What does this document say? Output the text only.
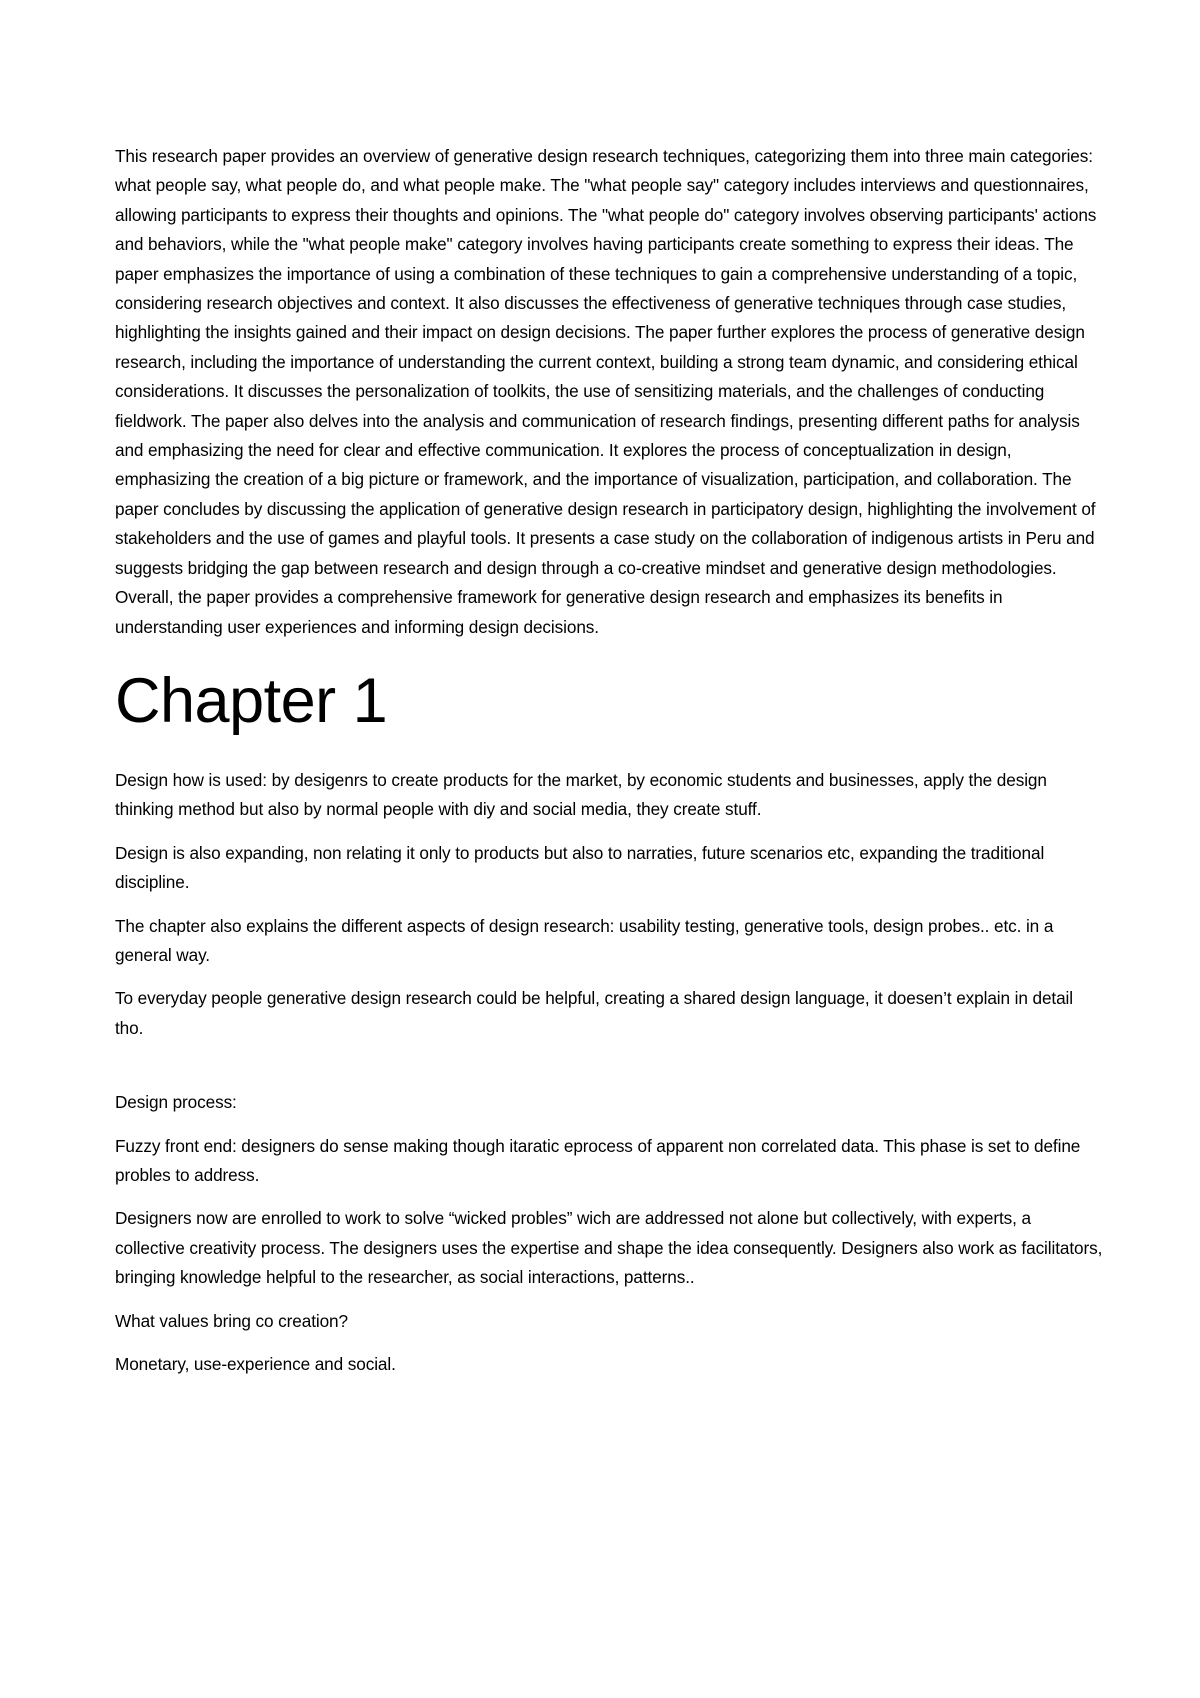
This research paper provides an overview of generative design research techniques, categorizing them into three main categories: what people say, what people do, and what people make. The "what people say" category includes interviews and questionnaires, allowing participants to express their thoughts and opinions. The "what people do" category involves observing participants' actions and behaviors, while the "what people make" category involves having participants create something to express their ideas. The paper emphasizes the importance of using a combination of these techniques to gain a comprehensive understanding of a topic, considering research objectives and context. It also discusses the effectiveness of generative techniques through case studies, highlighting the insights gained and their impact on design decisions. The paper further explores the process of generative design research, including the importance of understanding the current context, building a strong team dynamic, and considering ethical considerations. It discusses the personalization of toolkits, the use of sensitizing materials, and the challenges of conducting fieldwork. The paper also delves into the analysis and communication of research findings, presenting different paths for analysis and emphasizing the need for clear and effective communication. It explores the process of conceptualization in design, emphasizing the creation of a big picture or framework, and the importance of visualization, participation, and collaboration. The paper concludes by discussing the application of generative design research in participatory design, highlighting the involvement of stakeholders and the use of games and playful tools. It presents a case study on the collaboration of indigenous artists in Peru and suggests bridging the gap between research and design through a co-creative mindset and generative design methodologies. Overall, the paper provides a comprehensive framework for generative design research and emphasizes its benefits in understanding user experiences and informing design decisions.

Chapter 1

Design how is used: by desigenrs to create products for the market, by economic students and businesses, apply the design thinking method but also by normal people with diy and social media, they create stuff.

Design is also expanding, non relating it only to products but also to narraties, future scenarios etc, expanding the traditional discipline.

The chapter also explains the different aspects of design research: usability testing, generative tools, design probes.. etc. in a general way.

To everyday people generative design research could be helpful, creating a shared design language, it doesen’t explain in detail tho.

Design process:

Fuzzy front end: designers do sense making though itaratic eprocess of apparent non correlated data. This phase is set to define probles to address.

Designers now are enrolled to work to solve “wicked probles” wich are addressed not alone but collectively, with experts, a collective creativity process. The designers uses the expertise and shape the idea consequently. Designers also work as facilitators, bringing knowledge helpful to the researcher, as social interactions, patterns..

What values bring co creation?

Monetary, use-experience and social.
